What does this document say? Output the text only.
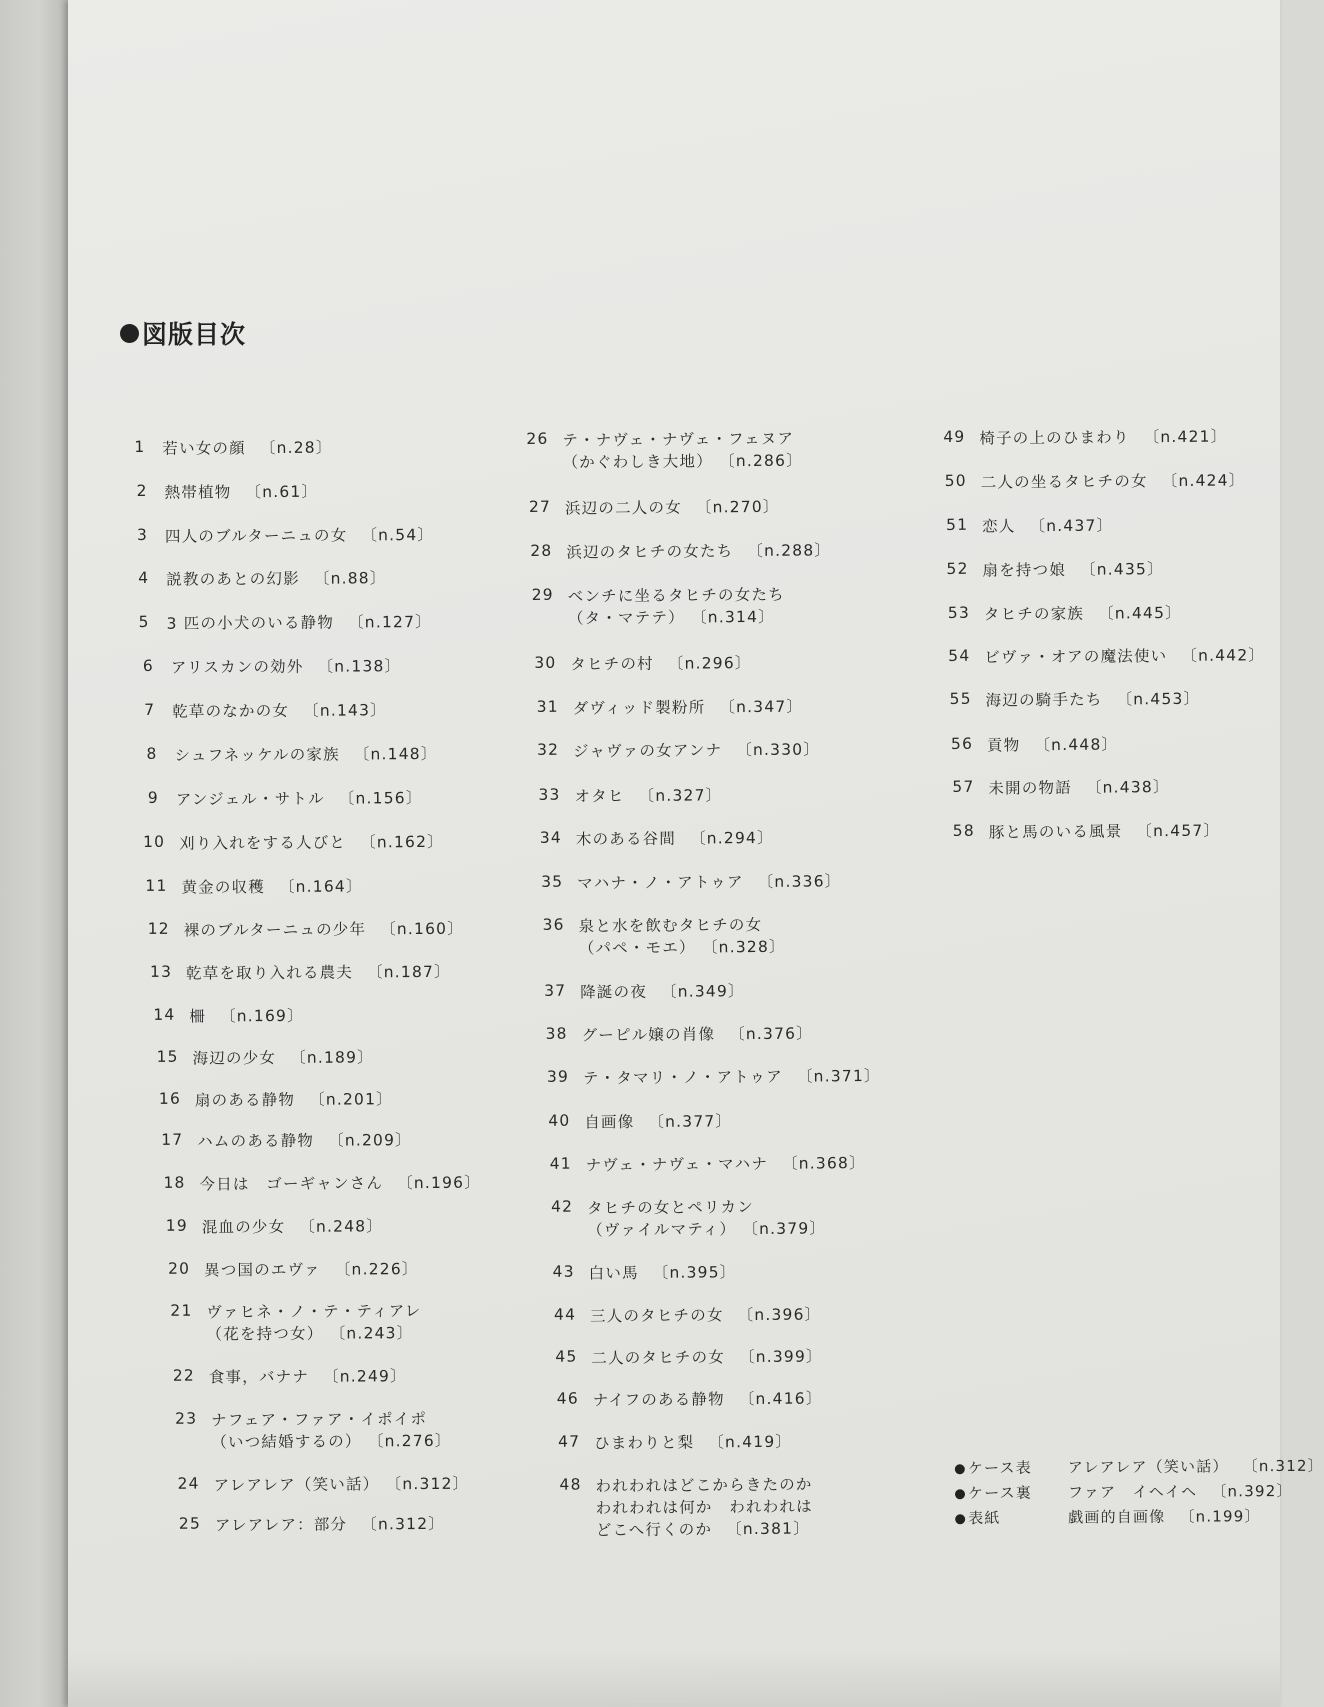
図版目次
1	若い女の顔 〔n.28〕
2	熱帯植物 〔n.61〕
3	四人のブルターニュの女 〔n.54〕
4	説教のあとの幻影 〔n.88〕
5	3 匹の小犬のいる静物 〔n.127〕
6	アリスカンの効外 〔n.138〕
7	乾草のなかの女 〔n.143〕
8	シュフネッケルの家族 〔n.148〕
9	アンジェル・サトル 〔n.156〕
10 刈り入れをする人びと 〔n.162〕
11 黄金の収穫 〔n.164〕
12 裸のブルターニュの少年 〔n.160〕
13 乾草を取り入れる農夫 〔n.187〕
14 柵 〔n.169〕
15 海辺の少女 〔n.189〕
16 扇のある静物 〔n.201〕
17 ハムのある静物 〔n.209〕
18 今日は　ゴーギャンさん 〔n.196〕
19 混血の少女 〔n.248〕
20 異つ国のエヴァ 〔n.226〕
21 ヴァヒネ・ノ・テ・ティアレ
（花を持つ女） 〔n.243〕
22 食事，バナナ 〔n.249〕
23 ナフェア・ファア・イポイポ
（いつ結婚するの） 〔n.276〕
24 アレアレア（笑い話） 〔n.312〕
25 アレアレア：部分 〔n.312〕
26 テ・ナヴェ・ナヴェ・フェヌア
（かぐわしき大地） 〔n.286〕
27 浜辺の二人の女 〔n.270〕
28 浜辺のタヒチの女たち 〔n.288〕
29 ベンチに坐るタヒチの女たち
（タ・マテテ） 〔n.314〕
30 タヒチの村 〔n.296〕
31 ダヴィッド製粉所 〔n.347〕
32 ジャヴァの女アンナ 〔n.330〕
33 オタヒ 〔n.327〕
34 木のある谷間 〔n.294〕
35 マハナ・ノ・アトゥア 〔n.336〕
36 泉と水を飲むタヒチの女
（パペ・モエ） 〔n.328〕
37 降誕の夜 〔n.349〕
38 グーピル嬢の肖像 〔n.376〕
39 テ・タマリ・ノ・アトゥア 〔n.371〕
40 自画像 〔n.377〕
41 ナヴェ・ナヴェ・マハナ 〔n.368〕
42 タヒチの女とペリカン
（ヴァイルマティ） 〔n.379〕
43 白い馬 〔n.395〕
44 三人のタヒチの女 〔n.396〕
45 二人のタヒチの女 〔n.399〕
46 ナイフのある静物 〔n.416〕
47 ひまわりと梨 〔n.419〕
48 われわれはどこからきたのか
われわれは何か　われわれは
どこへ行くのか 〔n.381〕
49 椅子の上のひまわり 〔n.421〕
50 二人の坐るタヒチの女 〔n.424〕
51 恋人 〔n.437〕
52 扇を持つ娘 〔n.435〕
53 タヒチの家族 〔n.445〕
54 ビヴァ・オアの魔法使い 〔n.442〕
55 海辺の騎手たち 〔n.453〕
56 貢物 〔n.448〕
57 未開の物語 〔n.438〕
58 豚と馬のいる風景 〔n.457〕
ケース表	アレアレア（笑い話） 〔n.312〕
ケース裏	ファア　イヘイヘ 〔n.392〕
表紙	戯画的自画像 〔n.199〕
